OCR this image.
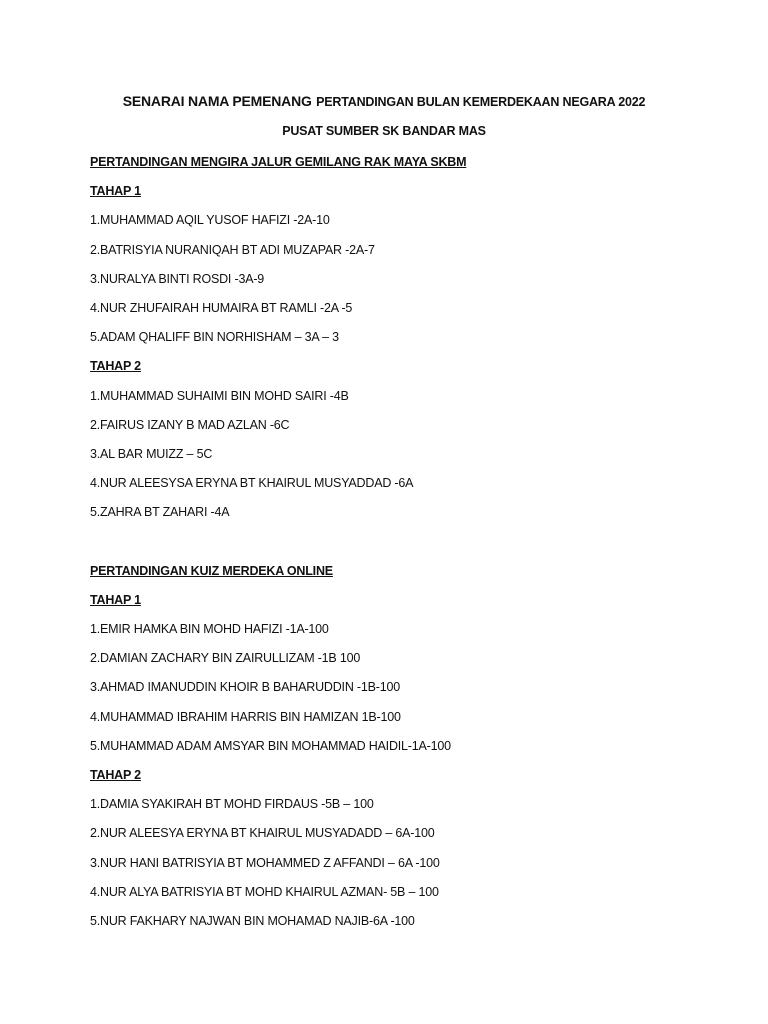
SENARAI NAMA PEMENANG PERTANDINGAN BULAN KEMERDEKAAN NEGARA 2022
PUSAT SUMBER SK BANDAR MAS
PERTANDINGAN MENGIRA JALUR GEMILANG RAK MAYA SKBM
TAHAP 1
1.MUHAMMAD AQIL YUSOF HAFIZI -2A-10
2.BATRISYIA NURANIQAH BT ADI MUZAPAR -2A-7
3.NURALYA BINTI ROSDI -3A-9
4.NUR ZHUFAIRAH HUMAIRA BT RAMLI -2A -5
5.ADAM QHALIFF BIN NORHISHAM – 3A – 3
TAHAP 2
1.MUHAMMAD SUHAIMI BIN MOHD SAIRI -4B
2.FAIRUS IZANY B MAD AZLAN -6C
3.AL BAR MUIZZ – 5C
4.NUR ALEESYSA ERYNA BT KHAIRUL MUSYADDAD -6A
5.ZAHRA BT ZAHARI -4A
PERTANDINGAN KUIZ MERDEKA ONLINE
TAHAP 1
1.EMIR HAMKA BIN MOHD HAFIZI -1A-100
2.DAMIAN ZACHARY BIN ZAIRULLIZAM -1B 100
3.AHMAD IMANUDDIN KHOIR B BAHARUDDIN -1B-100
4.MUHAMMAD IBRAHIM HARRIS BIN HAMIZAN 1B-100
5.MUHAMMAD ADAM AMSYAR BIN MOHAMMAD HAIDIL-1A-100
TAHAP 2
1.DAMIA SYAKIRAH BT MOHD FIRDAUS -5B – 100
2.NUR ALEESYA ERYNA BT KHAIRUL MUSYADADD – 6A-100
3.NUR HANI BATRISYIA BT MOHAMMED Z AFFANDI – 6A -100
4.NUR ALYA BATRISYIA BT MOHD KHAIRUL AZMAN- 5B – 100
5.NUR FAKHARY NAJWAN BIN MOHAMAD NAJIB-6A -100
